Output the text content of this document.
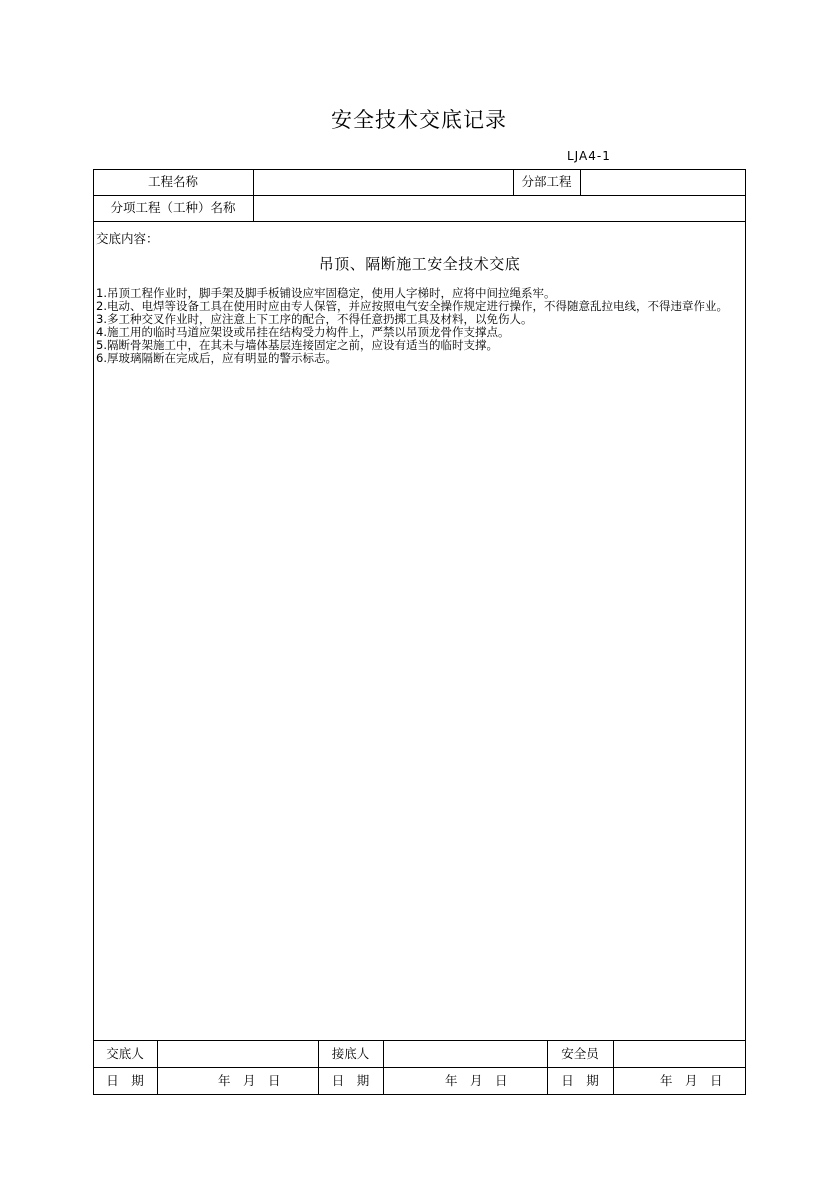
安全技术交底记录
LJA4-1
工程名称	分部工程
分项工程（工种）名称
交底内容：
吊顶、隔断施工安全技术交底

1.吊顶工程作业时，脚手架及脚手板铺设应牢固稳定，使用人字梯时，应将中间拉绳系牢。

2.电动、电焊等设备工具在使用时应由专人保管，并应按照电气安全操作规定进行操作，不得随意乱拉电线，不得违章作业。

3.多工种交叉作业时，应注意上下工序的配合，不得任意扔掷工具及材料，以免伤人。

4.施工用的临时马道应架设或吊挂在结构受力构件上，严禁以吊顶龙骨作支撑点。

5.隔断骨架施工中，在其未与墙体基层连接固定之前，应设有适当的临时支撑。

6.厚玻璃隔断在完成后，应有明显的警示标志。

交底人	接底人	安全员
日　期	年　月　日	日　期	年　月　日	日　期	年　月　日
